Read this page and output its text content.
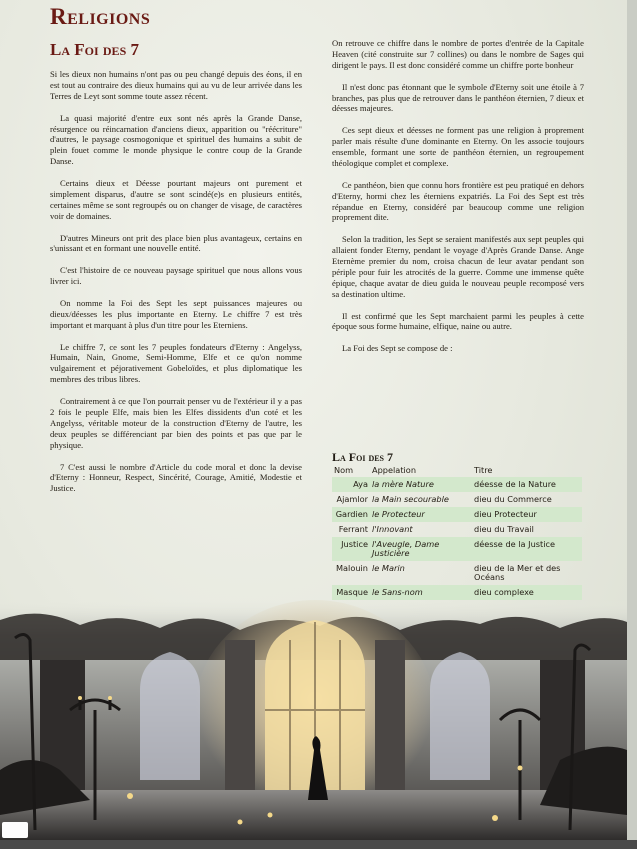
Religions
La Foi des 7

Si les dieux non humains n'ont pas ou peu changé depuis des éons, il en est tout au contraire des dieux humains qui au vu de leur arrivée dans les Terres de Leyt sont somme toute assez récent.

La quasi majorité d'entre eux sont nés après la Grande Danse, résurgence ou réincarnation d'anciens dieux, apparition ou "réécriture" d'autres, le paysage cosmogonique et spirituel des humains a subit de plein fouet comme le monde physique le contre coup de la Grande Danse.

Certains dieux et Déesse pourtant majeurs ont purement et simplement disparus, d'autre se sont scindé(e)s en plusieurs entités, certaines même se sont regroupés ou on changer de visage, de caractères voir de domaines.

D'autres Mineurs ont prit des place bien plus avantageux, certains en s'unissant et en formant une nouvelle entité.

C'est l'histoire de ce nouveau paysage spirituel que nous allons vous livrer ici.

On nomme la Foi des Sept les sept puissances majeures ou dieux/déesses les plus importante en Eterny. Le chiffre 7 est très important et marquant à plus d'un titre pour les Eterniens.

Le chiffre 7, ce sont les 7 peuples fondateurs d'Eterny : Angelyss, Humain, Nain, Gnome, Semi-Homme, Elfe et ce qu'on nomme vulgairement et péjorativement Gobeloïdes, et plus diplomatique les membres des tribus libres.

Contrairement à ce que l'on pourrait penser vu de l'extérieur il y a pas 2 fois le peuple Elfe, mais bien les Elfes dissidents d'un coté et les Angelyss, véritable moteur de la construction d'Eterny de l'autre, les deux peuples se différenciant par bien des points et pas que par le physique.

7 C'est aussi le nombre d'Article du code moral et donc la devise d'Eterny : Honneur, Respect, Sincérité, Courage, Amitié, Modestie et Justice.

On retrouve ce chiffre dans le nombre de portes d'entrée de la Capitale Heaven (cité construite sur 7 collines) ou dans le nombre de Sages qui dirigent le pays. Il est donc considéré comme un chiffre porte bonheur

Il n'est donc pas étonnant que le symbole d'Eterny soit une étoile à 7 branches, pas plus que de retrouver dans le panthéon éternien, 7 dieux et déesses majeures.

Ces sept dieux et déesses ne forment pas une religion à proprement parler mais résulte d'une dominante en Eterny. On les associe toujours ensemble, formant une sorte de panthéon éternien, un regroupement théologique complet et complexe.

Ce panthéon, bien que connu hors frontière est peu pratiqué en dehors d'Eterny, hormi chez les éterniens expatriés. La Foi des Sept est très répandue en Eterny, considéré par beaucoup comme une religion proprement dite.

Selon la tradition, les Sept se seraient manifestés aux sept peuples qui allaient fonder Eterny, pendant le voyage d'Après Grande Danse. Ange Eternème premier du nom, croisa chacun de leur avatar pendant son périple pour fuir les atrocités de la guerre. Comme une immense quête épique, chaque avatar de dieu guida le nouveau peuple recomposé vers sa destination ultime.

Il est confirmé que les Sept marchaient parmi les peuples à cette époque sous forme humaine, elfique, naine ou autre.

La Foi des Sept se compose de :

La Foi des 7
Nom	Appelation	Titre
Aya	la mère Nature	déesse de la Nature
Ajamlor	la Main secourable	dieu du Commerce
Gardien	le Protecteur	dieu Protecteur
Ferrant	l'Innovant	dieu du Travail
Justice	l'Aveugle, Dame Justicière	déesse de la Justice
Malouin	le Marin	dieu de la Mer et des Océans
Masque	le Sans-nom	dieu complexe
